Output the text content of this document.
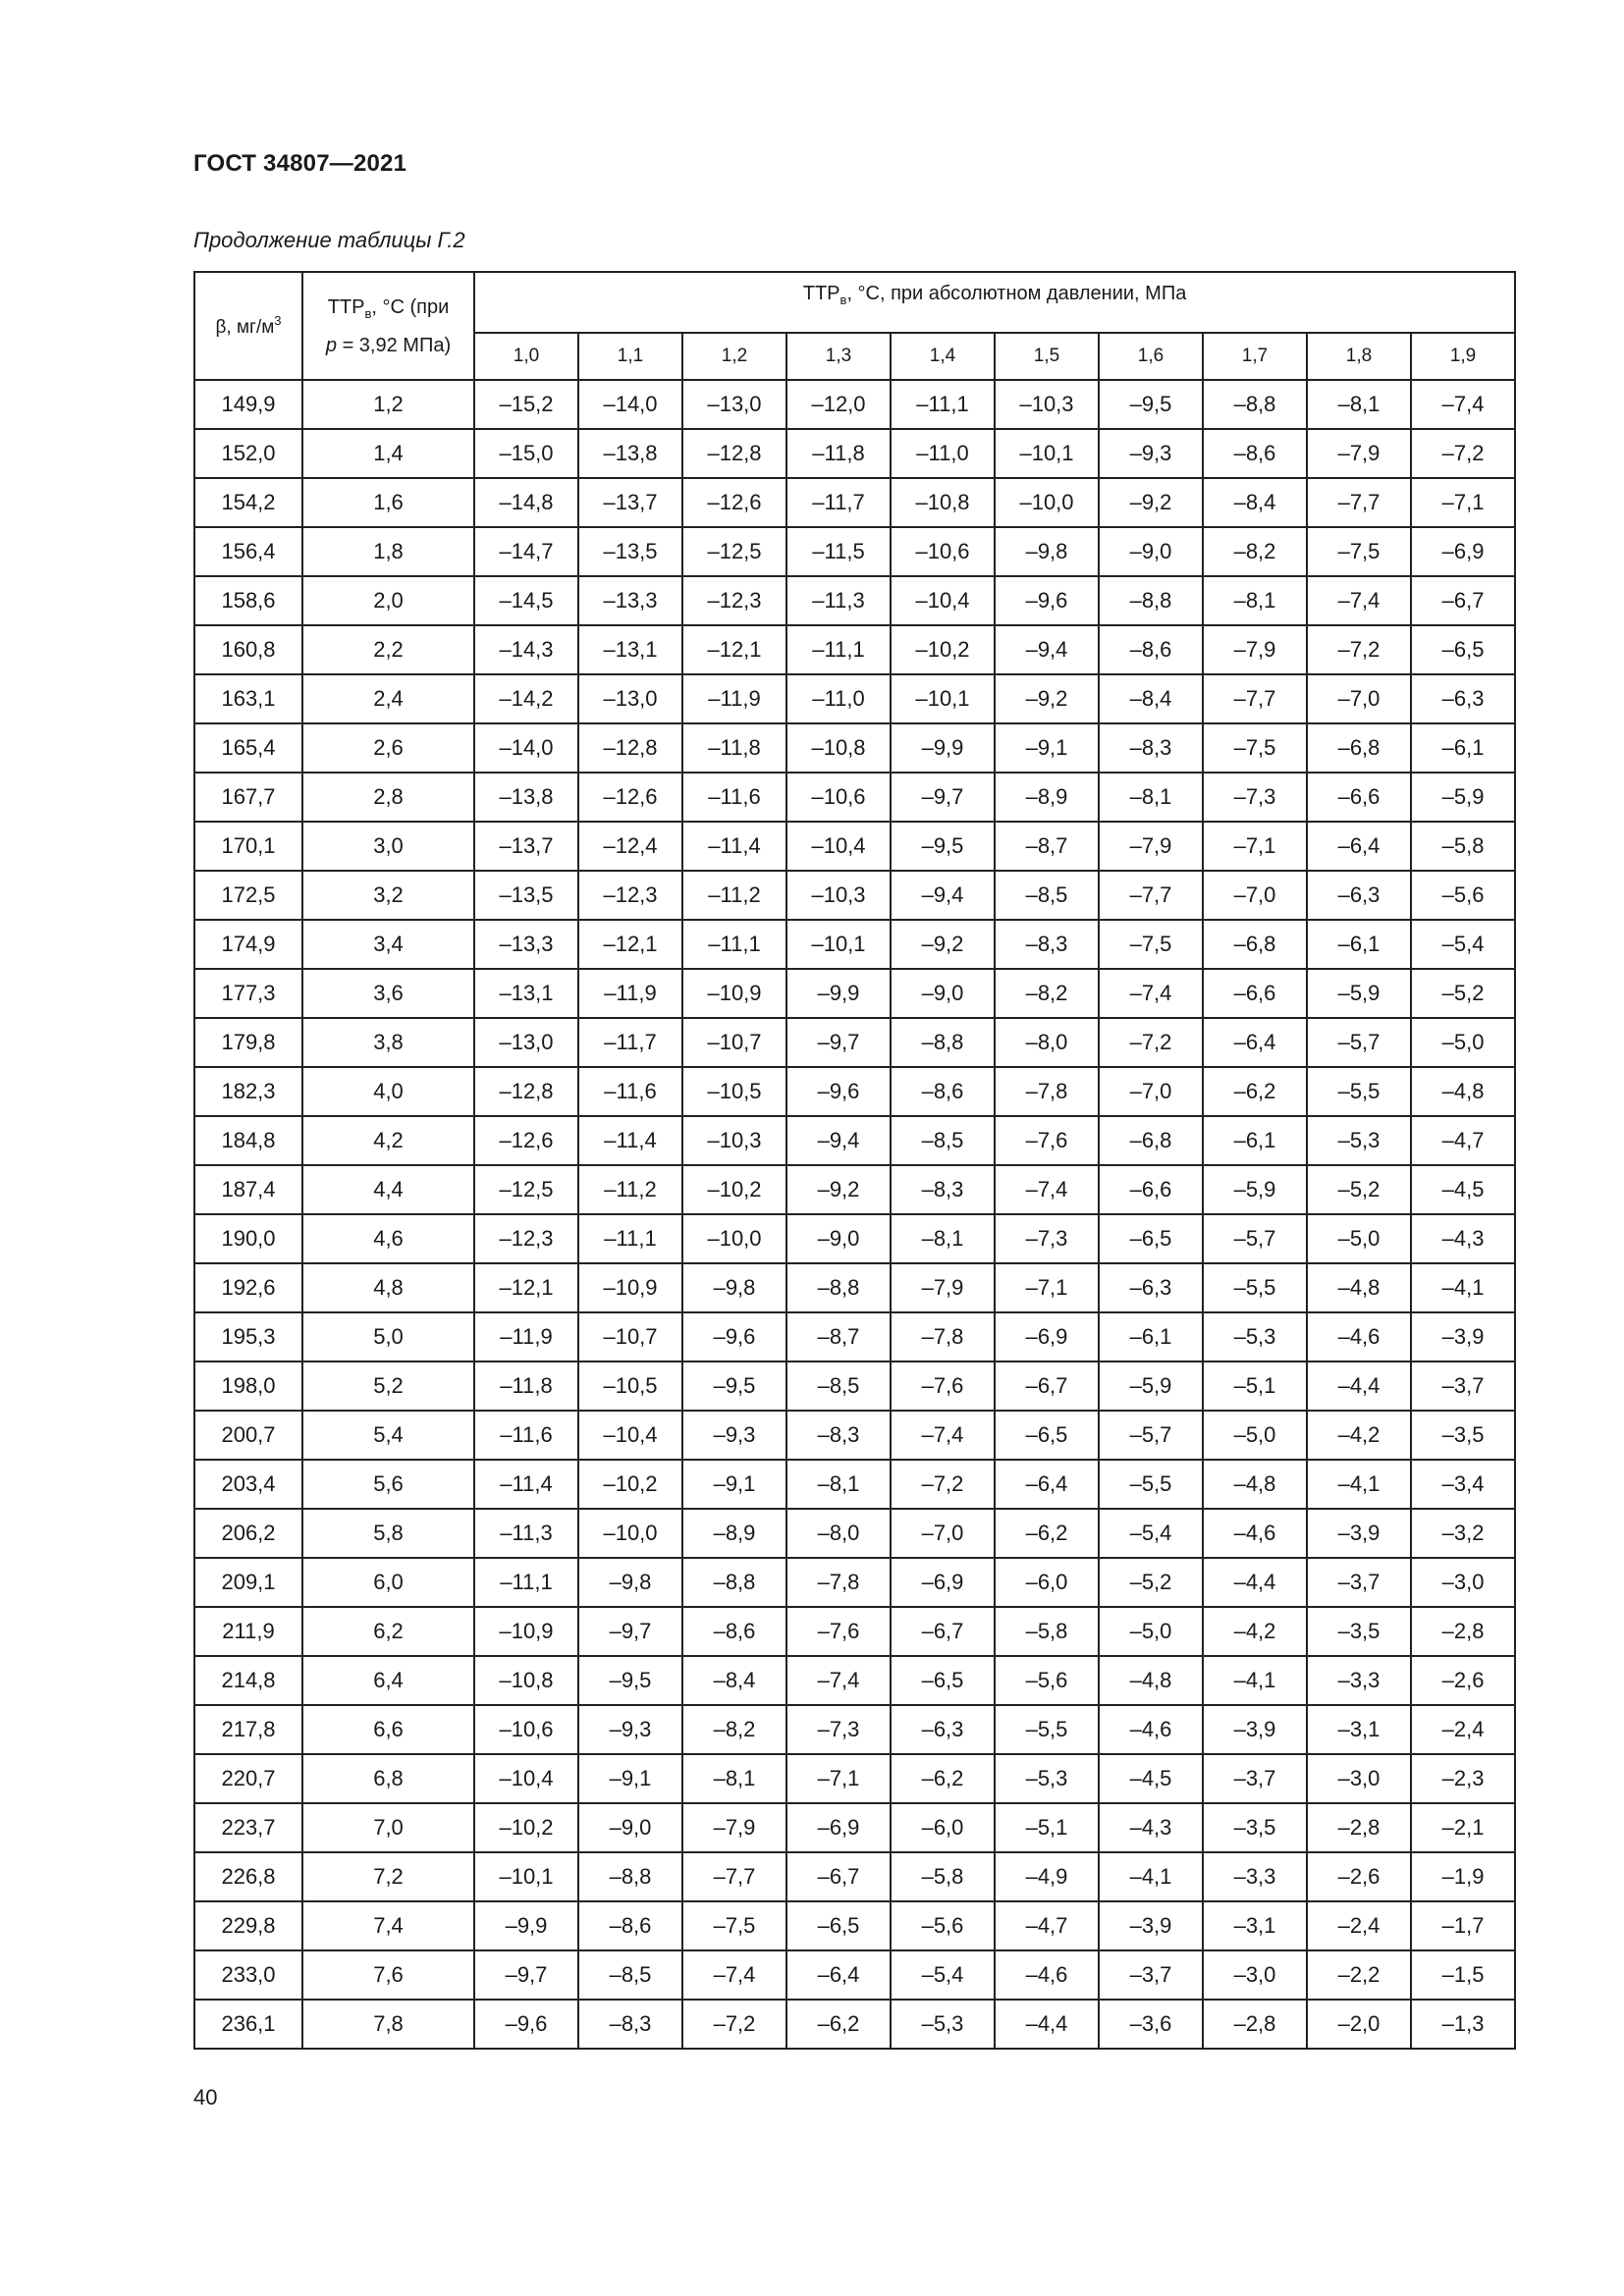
ГОСТ 34807—2021
Продолжение таблицы Г.2
β, $мг/м^3$	$ТТР_в$, °С (при
p = 3,92 МПа)	$ТТР_в$, °С, при абсолютном давлении, МПа									
		1,0	1,1	1,2	1,3	1,4	1,5	1,6	1,7	1,8	1,9
149,9	1,2	–15,2	–14,0	–13,0	–12,0	–11,1	–10,3	–9,5	–8,8	–8,1	–7,4
152,0	1,4	–15,0	–13,8	–12,8	–11,8	–11,0	–10,1	–9,3	–8,6	–7,9	–7,2
154,2	1,6	–14,8	–13,7	–12,6	–11,7	–10,8	–10,0	–9,2	–8,4	–7,7	–7,1
156,4	1,8	–14,7	–13,5	–12,5	–11,5	–10,6	–9,8	–9,0	–8,2	–7,5	–6,9
158,6	2,0	–14,5	–13,3	–12,3	–11,3	–10,4	–9,6	–8,8	–8,1	–7,4	–6,7
160,8	2,2	–14,3	–13,1	–12,1	–11,1	–10,2	–9,4	–8,6	–7,9	–7,2	–6,5
163,1	2,4	–14,2	–13,0	–11,9	–11,0	–10,1	–9,2	–8,4	–7,7	–7,0	–6,3
165,4	2,6	–14,0	–12,8	–11,8	–10,8	–9,9	–9,1	–8,3	–7,5	–6,8	–6,1
167,7	2,8	–13,8	–12,6	–11,6	–10,6	–9,7	–8,9	–8,1	–7,3	–6,6	–5,9
170,1	3,0	–13,7	–12,4	–11,4	–10,4	–9,5	–8,7	–7,9	–7,1	–6,4	–5,8
172,5	3,2	–13,5	–12,3	–11,2	–10,3	–9,4	–8,5	–7,7	–7,0	–6,3	–5,6
174,9	3,4	–13,3	–12,1	–11,1	–10,1	–9,2	–8,3	–7,5	–6,8	–6,1	–5,4
177,3	3,6	–13,1	–11,9	–10,9	–9,9	–9,0	–8,2	–7,4	–6,6	–5,9	–5,2
179,8	3,8	–13,0	–11,7	–10,7	–9,7	–8,8	–8,0	–7,2	–6,4	–5,7	–5,0
182,3	4,0	–12,8	–11,6	–10,5	–9,6	–8,6	–7,8	–7,0	–6,2	–5,5	–4,8
184,8	4,2	–12,6	–11,4	–10,3	–9,4	–8,5	–7,6	–6,8	–6,1	–5,3	–4,7
187,4	4,4	–12,5	–11,2	–10,2	–9,2	–8,3	–7,4	–6,6	–5,9	–5,2	–4,5
190,0	4,6	–12,3	–11,1	–10,0	–9,0	–8,1	–7,3	–6,5	–5,7	–5,0	–4,3
192,6	4,8	–12,1	–10,9	–9,8	–8,8	–7,9	–7,1	–6,3	–5,5	–4,8	–4,1
195,3	5,0	–11,9	–10,7	–9,6	–8,7	–7,8	–6,9	–6,1	–5,3	–4,6	–3,9
198,0	5,2	–11,8	–10,5	–9,5	–8,5	–7,6	–6,7	–5,9	–5,1	–4,4	–3,7
200,7	5,4	–11,6	–10,4	–9,3	–8,3	–7,4	–6,5	–5,7	–5,0	–4,2	–3,5
203,4	5,6	–11,4	–10,2	–9,1	–8,1	–7,2	–6,4	–5,5	–4,8	–4,1	–3,4
206,2	5,8	–11,3	–10,0	–8,9	–8,0	–7,0	–6,2	–5,4	–4,6	–3,9	–3,2
209,1	6,0	–11,1	–9,8	–8,8	–7,8	–6,9	–6,0	–5,2	–4,4	–3,7	–3,0
211,9	6,2	–10,9	–9,7	–8,6	–7,6	–6,7	–5,8	–5,0	–4,2	–3,5	–2,8
214,8	6,4	–10,8	–9,5	–8,4	–7,4	–6,5	–5,6	–4,8	–4,1	–3,3	–2,6
217,8	6,6	–10,6	–9,3	–8,2	–7,3	–6,3	–5,5	–4,6	–3,9	–3,1	–2,4
220,7	6,8	–10,4	–9,1	–8,1	–7,1	–6,2	–5,3	–4,5	–3,7	–3,0	–2,3
223,7	7,0	–10,2	–9,0	–7,9	–6,9	–6,0	–5,1	–4,3	–3,5	–2,8	–2,1
226,8	7,2	–10,1	–8,8	–7,7	–6,7	–5,8	–4,9	–4,1	–3,3	–2,6	–1,9
229,8	7,4	–9,9	–8,6	–7,5	–6,5	–5,6	–4,7	–3,9	–3,1	–2,4	–1,7
233,0	7,6	–9,7	–8,5	–7,4	–6,4	–5,4	–4,6	–3,7	–3,0	–2,2	–1,5
236,1	7,8	–9,6	–8,3	–7,2	–6,2	–5,3	–4,4	–3,6	–2,8	–2,0	–1,3
40
